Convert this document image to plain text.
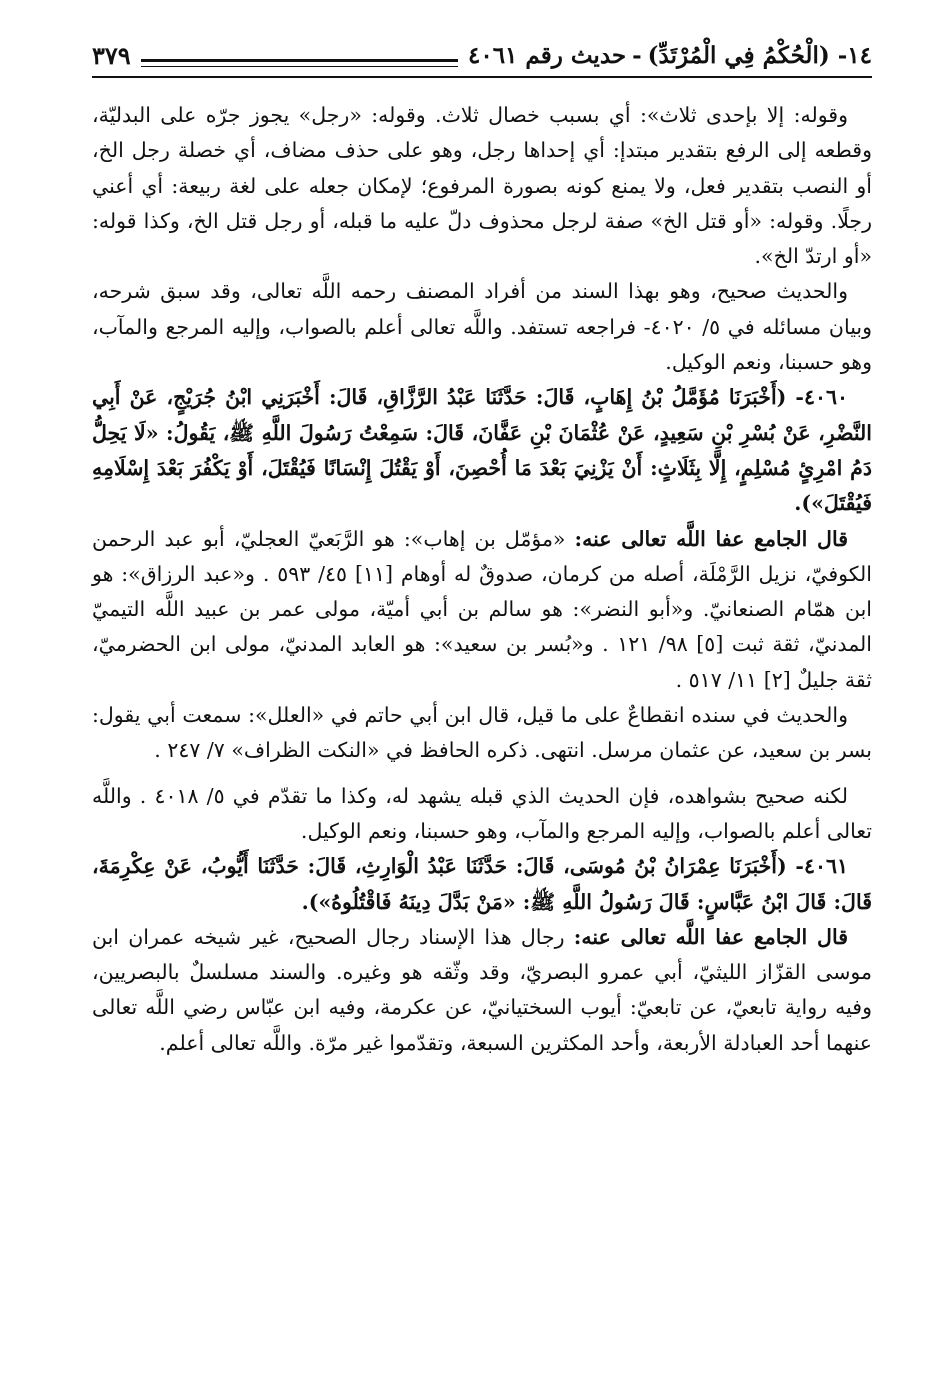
١٤- (الْحُكْمُ فِي الْمُرْتَدِّ)-حديث رقم ٤٠٦١
٣٧٩

وقوله: إلا بإحدى ثلاث»: أي بسبب خصال ثلاث. وقوله: «رجل» يجوز جرّه على البدليّة، وقطعه إلى الرفع بتقدير مبتدإ: أي إحداها رجل، وهو على حذف مضاف، أي خصلة رجل الخ، أو النصب بتقدير فعل، ولا يمنع كونه بصورة المرفوع؛ لإمكان جعله على لغة ربيعة: أي أعني رجلًا. وقوله: «أو قتل الخ» صفة لرجل محذوف دلّ عليه ما قبله، أو رجل قتل الخ، وكذا قوله: «أو ارتدّ الخ».

والحديث صحيح، وهو بهذا السند من أفراد المصنف رحمه اللَّه تعالى، وقد سبق شرحه، وبيان مسائله في ٥/ ٤٠٢٠- فراجعه تستفد. واللَّه تعالى أعلم بالصواب، وإليه المرجع والمآب، وهو حسبنا، ونعم الوكيل.

٤٠٦٠- (أَخْبَرَنَا مُؤَمَّلُ بْنُ إِهَابٍ، قَالَ: حَدَّثَنَا عَبْدُ الرَّزَّاقِ، قَالَ: أَخْبَرَنِي ابْنُ جُرَيْجٍ، عَنْ أَبِي النَّضْرِ، عَنْ بُسْرِ بْنِ سَعِيدٍ، عَنْ عُثْمَانَ بْنِ عَفَّانَ، قَالَ: سَمِعْتُ رَسُولَ اللَّهِ ﷺ، يَقُولُ: «لَا يَحِلُّ دَمُ امْرِئٍ مُسْلِمٍ، إِلَّا بِثَلَاثٍ: أَنْ يَزْنِيَ بَعْدَ مَا أُحْصِنَ، أَوْ يَقْتُلَ إِنْسَانًا فَيُقْتَلَ، أَوْ يَكْفُرَ بَعْدَ إِسْلَامِهِ فَيُقْتَلَ»).

قال الجامع عفا اللَّه تعالى عنه: «مؤمّل بن إهاب»: هو الرَّبَعيّ العجليّ، أبو عبد الرحمن الكوفيّ، نزيل الرَّمْلَة، أصله من كرمان، صدوقٌ له أوهام [١١] ٤٥/ ٥٩٣ . و«عبد الرزاق»: هو ابن همّام الصنعانيّ. و«أبو النضر»: هو سالم بن أبي أميّة، مولى عمر بن عبيد اللَّه التيميّ المدنيّ، ثقة ثبت [٥] ٩٨/ ١٢١ . و«بُسر بن سعيد»: هو العابد المدنيّ، مولى ابن الحضرميّ، ثقة جليلٌ [٢] ١١/ ٥١٧ .

والحديث في سنده انقطاعٌ على ما قيل، قال ابن أبي حاتم في «العلل»: سمعت أبي يقول: بسر بن سعيد، عن عثمان مرسل. انتهى. ذكره الحافظ في «النكت الظراف» ٧/ ٢٤٧ .

لكنه صحيح بشواهده، فإن الحديث الذي قبله يشهد له، وكذا ما تقدّم في ٥/ ٤٠١٨ . واللَّه تعالى أعلم بالصواب، وإليه المرجع والمآب، وهو حسبنا، ونعم الوكيل.

٤٠٦١- (أَخْبَرَنَا عِمْرَانُ بْنُ مُوسَى، قَالَ: حَدَّثَنَا عَبْدُ الْوَارِثِ، قَالَ: حَدَّثَنَا أَيُّوبُ، عَنْ عِكْرِمَةَ، قَالَ: قَالَ ابْنُ عَبَّاسٍ: قَالَ رَسُولُ اللَّهِ ﷺ: «مَنْ بَدَّلَ دِينَهُ فَاقْتُلُوهُ»).

قال الجامع عفا اللَّه تعالى عنه: رجال هذا الإسناد رجال الصحيح، غير شيخه عمران ابن موسى القزّاز الليثيّ، أبي عمرو البصريّ، وقد وثّقه هو وغيره. والسند مسلسلٌ بالبصريين، وفيه رواية تابعيّ، عن تابعيّ: أيوب السختيانيّ، عن عكرمة، وفيه ابن عبّاس رضي اللَّه تعالى عنهما أحد العبادلة الأربعة، وأحد المكثرين السبعة، وتقدّموا غير مرّة. واللَّه تعالى أعلم.
